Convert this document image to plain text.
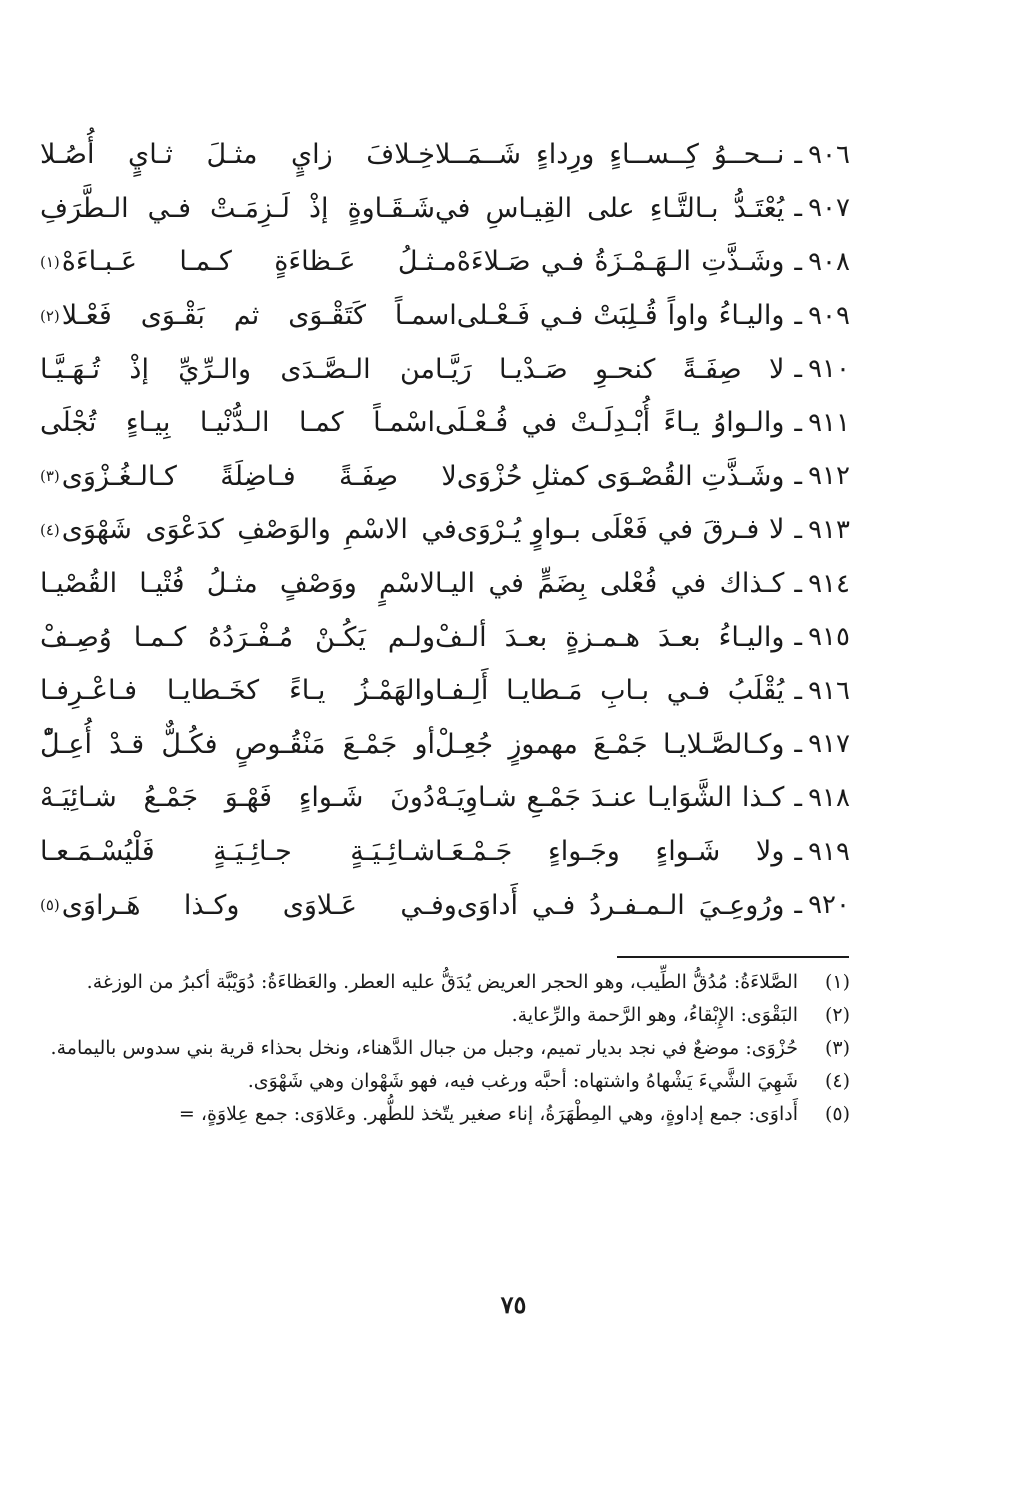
٩٠٦
ـ
نــحــوُ كِــســاءٍ ورِداءٍ شَــمَــلا
خِـلافَ زايٍ مثـلَ ثـايٍ أُصُـلا
٩٠٧
ـ
يُعْتَـدُّ بـالتَّـاءِ على القِيـاسِ في
شَـقَـاوةٍ إذْ لَـزِمَـتْ فـي الـطَّرَفِ
٩٠٨
ـ
وشَـذَّتِ الـهَـمْـزَةُ فـي صَـلاءَهْ
مـثـلُ عَـظاءَةٍ كـمـا عَـبـاءَهْ
(١)
٩٠٩
ـ
واليـاءُ واواً قُـلِبَتْ فـي فَـعْـلى
اسمـاً كَتَقْـوَى ثم بَقْـوَى فَعْـلا
(٢)
٩١٠
ـ
لا صِفَـةً كنحـوِ صَـدْيـا رَيَّـا
من الـصَّـدَى والـرِّيِّ إذْ تُـهَـيَّـا
٩١١
ـ
والـواوُ يـاءً أُبْـدِلَـتْ في فُـعْـلَى
اسْمـاً كمـا الـدُّنْيـا بِيـاءٍ تُجْلَى
٩١٢
ـ
وشَـذَّتِ القُصْـوَى كمثلِ حُزْوَى
لا صِفَـةً فـاضِلَةً كـالـغُـزْوَى
(٣)
٩١٣
ـ
لا فـرقَ في فَعْلَى بـواوٍ يُـرْوَى
في الاسْمِ والوَصْفِ كدَعْوَى شَهْوَى
(٤)
٩١٤
ـ
كـذاك في فُعْلى بِضَمٍّ في اليـا
لاسْمٍ ووَصْفٍ مثـلُ فُتْيـا القُصْيـا
٩١٥
ـ
واليـاءُ بعـدَ هـمـزةٍ بعـدَ ألـفْ
ولـم يَكُـنْ مُـفْـرَدُهُ كـمـا وُصِـفْ
٩١٦
ـ
يُقْلَبُ فـي بـابِ مَـطايـا أَلِـفـا
والهَمْـزُ يـاءً كخَـطايـا فـاعْـرِفـا
٩١٧
ـ
وكـالصَّـلايـا جَمْـعَ مهموزٍ جُعِـلْ
أو جَمْـعَ مَنْقُـوصٍ فكُـلٌّ قـدْ أُعِـلّْ
٩١٨
ـ
كـذا الشَّوَايـا عنـدَ جَمْـعِ شـاوِيَـهْ
دُونَ شَـواءٍ فَهْـوَ جَمْـعُ شـائِيَـهْ
٩١٩
ـ
ولا شَـواءٍ وجَـواءٍ جَـمْـعَـا
شـائِـيَـةٍ جـائِـيَـةٍ فَلْيُسْـمَـعـا
٩٢٠
ـ
ورُوعِـيَ الـمـفـردُ فـي أَداوَى
وفـي عَـلاوَى وكـذا هَـراوَى
(٥)
(١)
الصَّلاءَةُ: مُدُقُّ الطِّيب، وهو الحجر العريض يُدَقُّ عليه العطر. والعَظاءَةُ: دُوَيْبَّة أكبرُ من الوزغة.
(٢)
البَقْوَى: الإِبْقاءُ، وهو الرَّحمة والرِّعاية.
(٣)
حُزْوَى: موضعٌ في نجد بديار تميم، وجبل من جبال الدَّهناء، ونخل بحذاء قرية بني سدوس باليمامة.
(٤)
شَهِيَ الشَّيءَ يَشْهاهُ واشتهاه: أحبَّه ورغب فيه، فهو شَهْوان وهي شَهْوَى.
(٥)
أَداوَى: جمع إداوةٍ، وهي المِطْهَرَةُ، إناء صغير يتّخذ للطُّهر. وعَلاوَى: جمع عِلاوَةٍ، =
٧٥
